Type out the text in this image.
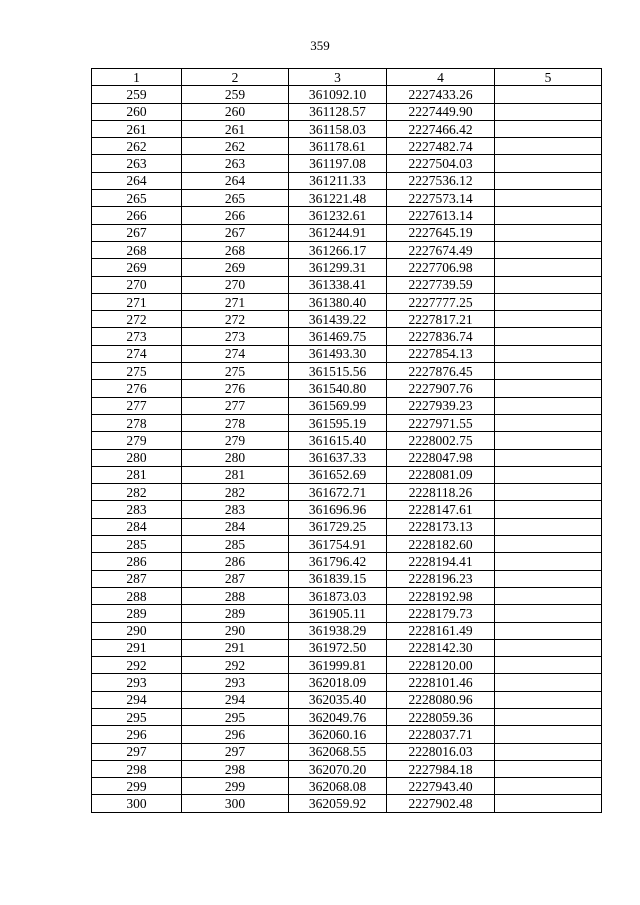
359
1	2	3	4	5
259	259	361092.10	2227433.26	
260	260	361128.57	2227449.90	
261	261	361158.03	2227466.42	
262	262	361178.61	2227482.74	
263	263	361197.08	2227504.03	
264	264	361211.33	2227536.12	
265	265	361221.48	2227573.14	
266	266	361232.61	2227613.14	
267	267	361244.91	2227645.19	
268	268	361266.17	2227674.49	
269	269	361299.31	2227706.98	
270	270	361338.41	2227739.59	
271	271	361380.40	2227777.25	
272	272	361439.22	2227817.21	
273	273	361469.75	2227836.74	
274	274	361493.30	2227854.13	
275	275	361515.56	2227876.45	
276	276	361540.80	2227907.76	
277	277	361569.99	2227939.23	
278	278	361595.19	2227971.55	
279	279	361615.40	2228002.75	
280	280	361637.33	2228047.98	
281	281	361652.69	2228081.09	
282	282	361672.71	2228118.26	
283	283	361696.96	2228147.61	
284	284	361729.25	2228173.13	
285	285	361754.91	2228182.60	
286	286	361796.42	2228194.41	
287	287	361839.15	2228196.23	
288	288	361873.03	2228192.98	
289	289	361905.11	2228179.73	
290	290	361938.29	2228161.49	
291	291	361972.50	2228142.30	
292	292	361999.81	2228120.00	
293	293	362018.09	2228101.46	
294	294	362035.40	2228080.96	
295	295	362049.76	2228059.36	
296	296	362060.16	2228037.71	
297	297	362068.55	2228016.03	
298	298	362070.20	2227984.18	
299	299	362068.08	2227943.40	
300	300	362059.92	2227902.48	
